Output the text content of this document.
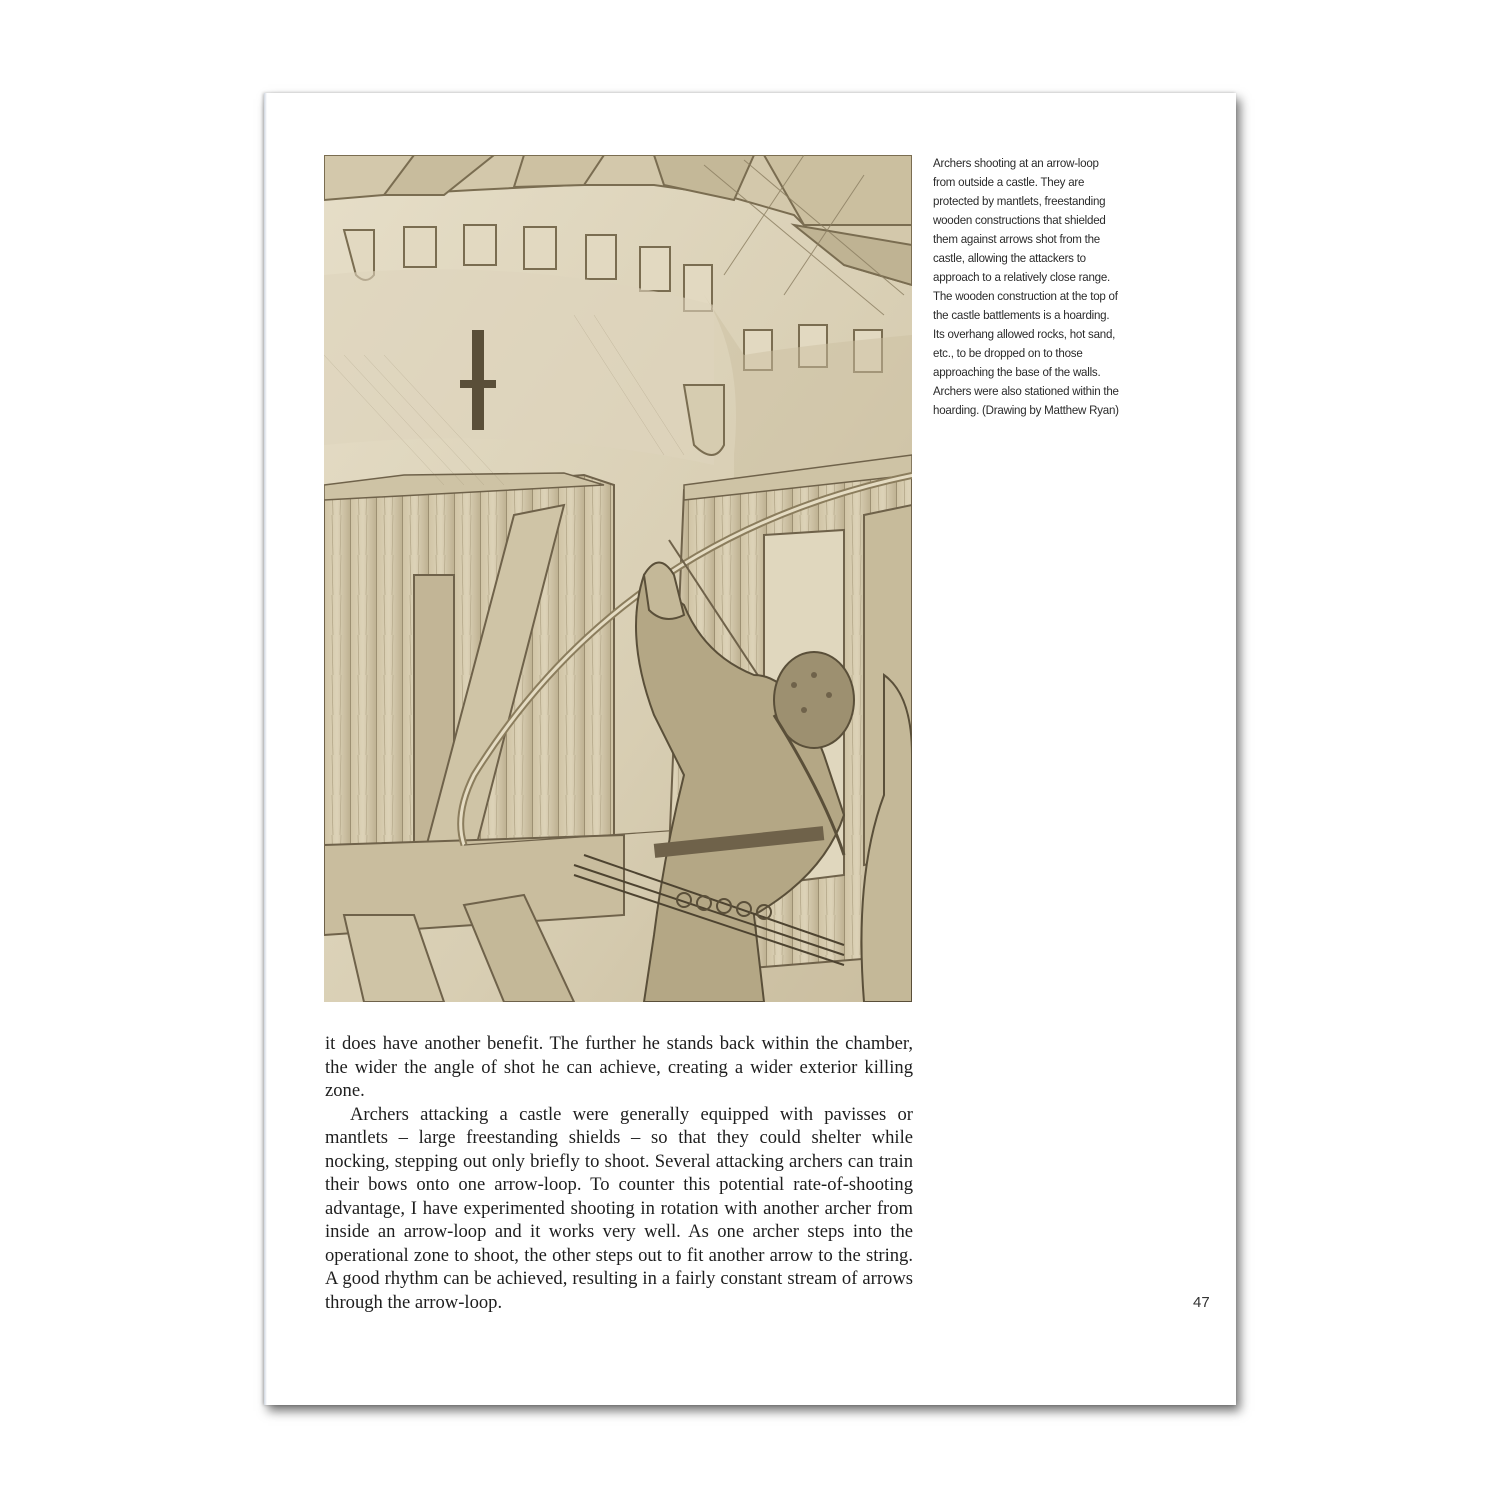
Archers shooting at an arrow-loop from outside a castle. They are protected by mantlets, freestanding wooden constructions that shielded them against arrows shot from the castle, allowing the attackers to approach to a relatively close range. The wooden construction at the top of the castle battlements is a hoarding. Its overhang allowed rocks, hot sand, etc., to be dropped on to those approaching the base of the walls. Archers were also stationed within the hoarding. (Drawing by Matthew Ryan)

it does have another benefit. The further he stands back within the chamber, the wider the angle of shot he can achieve, creating a wider exterior killing zone.

Archers attacking a castle were generally equipped with pavisses or mantlets – large freestanding shields – so that they could shelter while nocking, stepping out only briefly to shoot. Several attacking archers can train their bows onto one arrow-loop. To counter this potential rate-of-shooting advantage, I have experimented shooting in rotation with another archer from inside an arrow-loop and it works very well. As one archer steps into the operational zone to shoot, the other steps out to fit another arrow to the string. A good rhythm can be achieved, resulting in a fairly constant stream of arrows through the arrow-loop.	47
